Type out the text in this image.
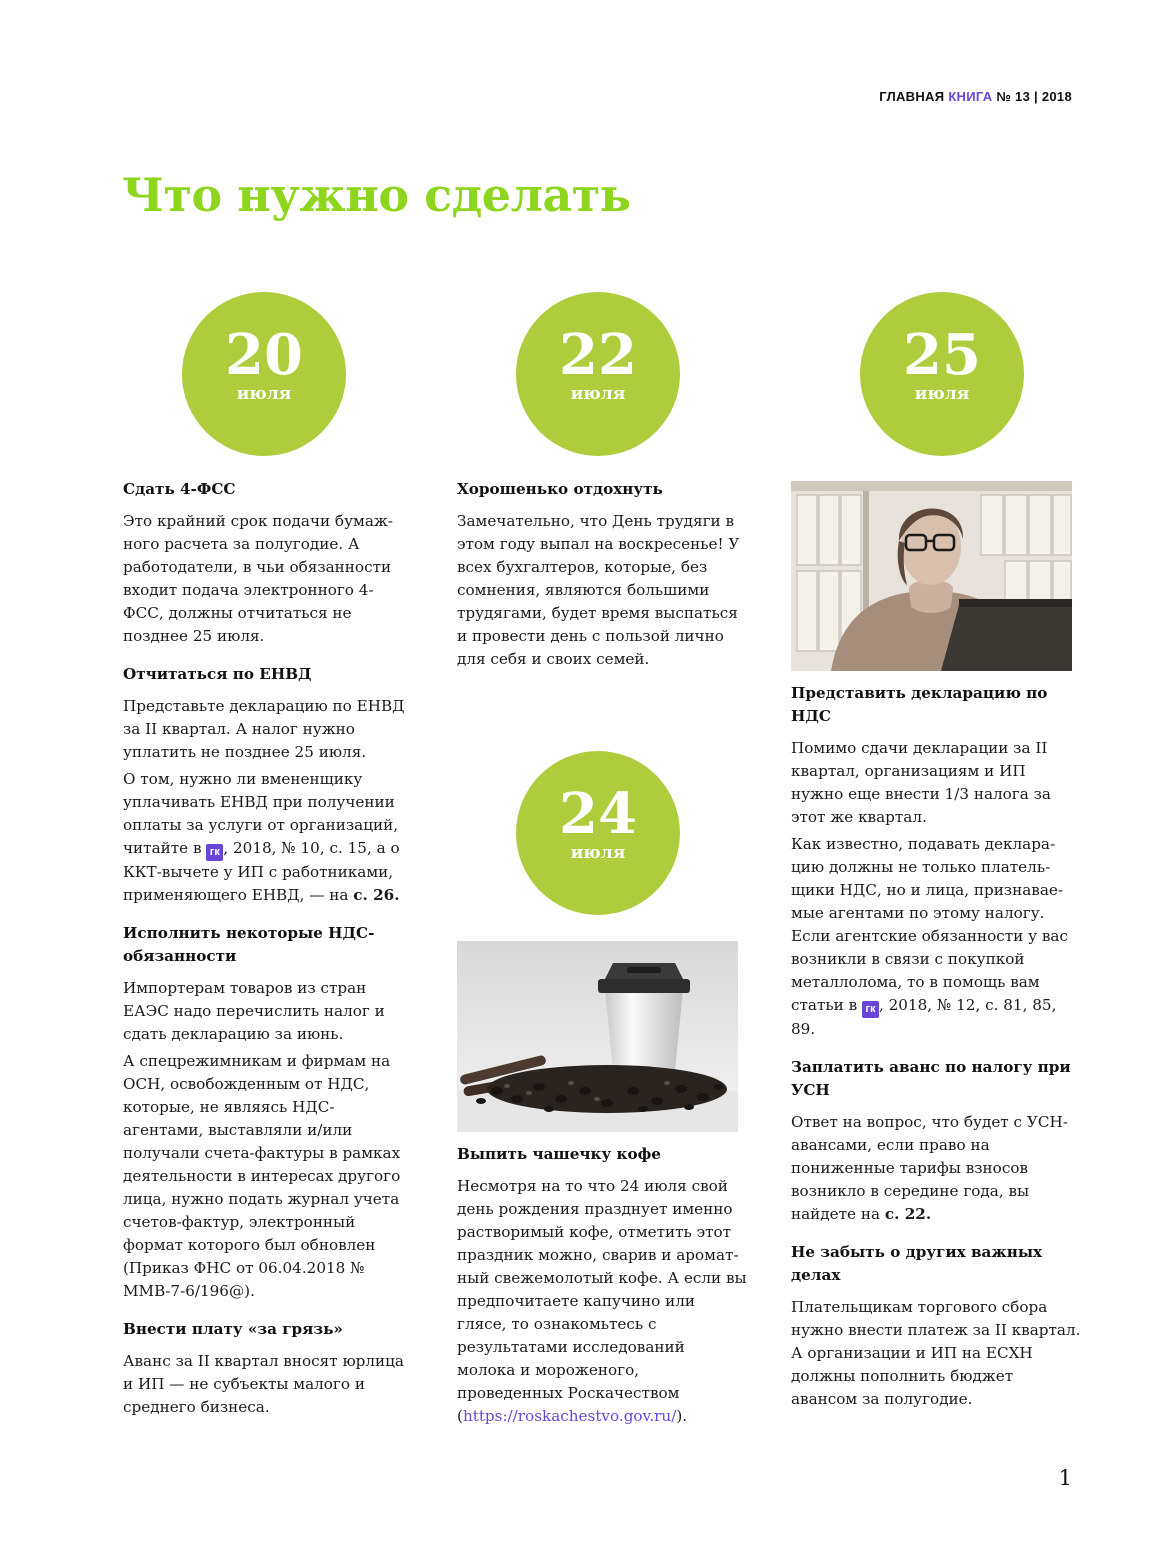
ГЛАВНАЯ КНИГА № 13 | 2018
Что нужно сделать
20
июля
22
июля
25
июля
24
июля
Сдать 4-ФСС

Это крайний срок подачи бумажного расчета за полугодие. А работодатели, в чьи обязанности входит подача электронного 4-ФСС, должны отчитаться не позднее 25 июля.

Отчитаться по ЕНВД

Представьте декларацию по ЕНВД за II квартал. А налог нужно уплатить не позднее 25 июля.

О том, нужно ли вмененщику уплачивать ЕНВД при получении оплаты за услуги от организаций, читайте в гк , 2018, № 10, с. 15, а о ККТ-вычете у ИП с работниками, применяющего ЕНВД, — на с. 26.

Исполнить некоторые НДС-обязанности

Импортерам товаров из стран ЕАЭС надо перечислить налог и сдать декларацию за июнь.

А спецрежимникам и фирмам на ОСН, освобожденным от НДС, которые, не являясь НДС-агентами, выставляли и/или получали счета-фактуры в рамках деятельности в интересах другого лица, нужно подать журнал учета счетов-фактур, электронный формат которого был обновлен (Приказ ФНС от 06.04.2018 № ММВ-7-6/196@).

Внести плату «за грязь»

Аванс за II квартал вносят юрлица и ИП — не субъекты малого и среднего бизнеса.

Хорошенько отдохнуть

Замечательно, что День трудяги в этом году выпал на воскресенье! У всех бухгалтеров, которые, без сомнения, являются большими трудягами, будет время выспаться и провести день с пользой лично для себя и своих семей.

Выпить чашечку кофе

Несмотря на то что 24 июля свой день рождения празднует именно растворимый кофе, отметить этот праздник можно, сварив и ароматный свежемолотый кофе. А если вы предпочитаете капучино или глясе, то ознакомьтесь с результатами исследований молока и мороженого, проведенных Роскачеством (https://roskachestvo.gov.ru/).

Представить декларацию по НДС

Помимо сдачи декларации за II квартал, организациям и ИП нужно еще внести 1/3 налога за этот же квартал.

Как известно, подавать декларацию должны не только плательщики НДС, но и лица, признаваемые агентами по этому налогу. Если агентские обязанности у вас возникли в связи с покупкой металлолома, то в помощь вам статьи в гк , 2018, № 12, с. 81, 85, 89.

Заплатить аванс по налогу при УСН

Ответ на вопрос, что будет с УСН-авансами, если право на пониженные тарифы взносов возникло в середине года, вы найдете на с. 22.

Не забыть о других важных делах

Плательщикам торгового сбора нужно внести платеж за II квартал. А организации и ИП на ЕСХН должны пополнить бюджет авансом за полугодие.

1
